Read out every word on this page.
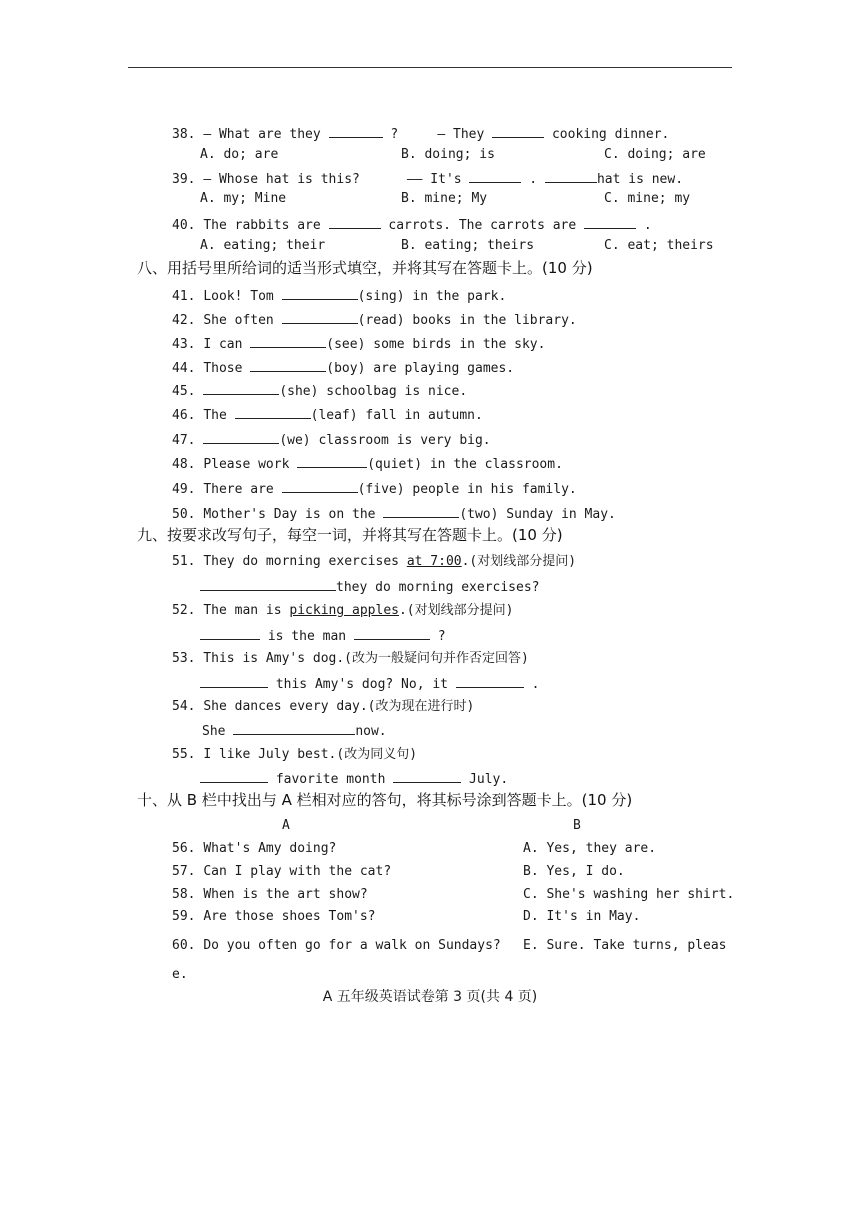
38. — What are they	?	— They	cooking dinner.
A. do; are	B. doing; is	C. doing; are
39. — Whose hat is this?	—— It's	.	hat is new.
A. my; Mine	B. mine; My	C. mine; my
40. The rabbits are	carrots. The carrots are	.
A. eating; their	B. eating; theirs	C. eat; theirs
八、用括号里所给词的适当形式填空，并将其写在答题卡上。(10 分)
41. Look! Tom	(sing) in the park.
42. She often	(read) books in the library.
43. I can	(see) some birds in the sky.
44. Those	(boy) are playing games.
45.	(she) schoolbag is nice.
46. The	(leaf) fall in autumn.
47.	(we) classroom is very big.
48. Please work	(quiet) in the classroom.
49. There are	(five) people in his family.
50. Mother's Day is on the	(two) Sunday in May.
九、按要求改写句子，每空一词，并将其写在答题卡上。(10 分)
51. They do morning exercises at 7:00.(对划线部分提问)
they do morning exercises?
52. The man is picking apples.(对划线部分提问)
is the man	?
53. This is Amy's dog.(改为一般疑问句并作否定回答)
this Amy's dog? No, it	.
54. She dances every day.(改为现在进行时)
She	now.
55. I like July best.(改为同义句)
favorite month	July.
十、从 B 栏中找出与 A 栏相对应的答句，将其标号涂到答题卡上。(10 分)
A	B
56. What's Amy doing?	A. Yes, they are.
57. Can I play with the cat?	B. Yes, I do.
58. When is the art show?	C. She's washing her shirt.
59. Are those shoes Tom's?	D. It's in May.
60. Do you often go for a walk on Sundays? E. Sure. Take turns, pleas
e.
A 五年级英语试卷第 3 页(共 4 页)
